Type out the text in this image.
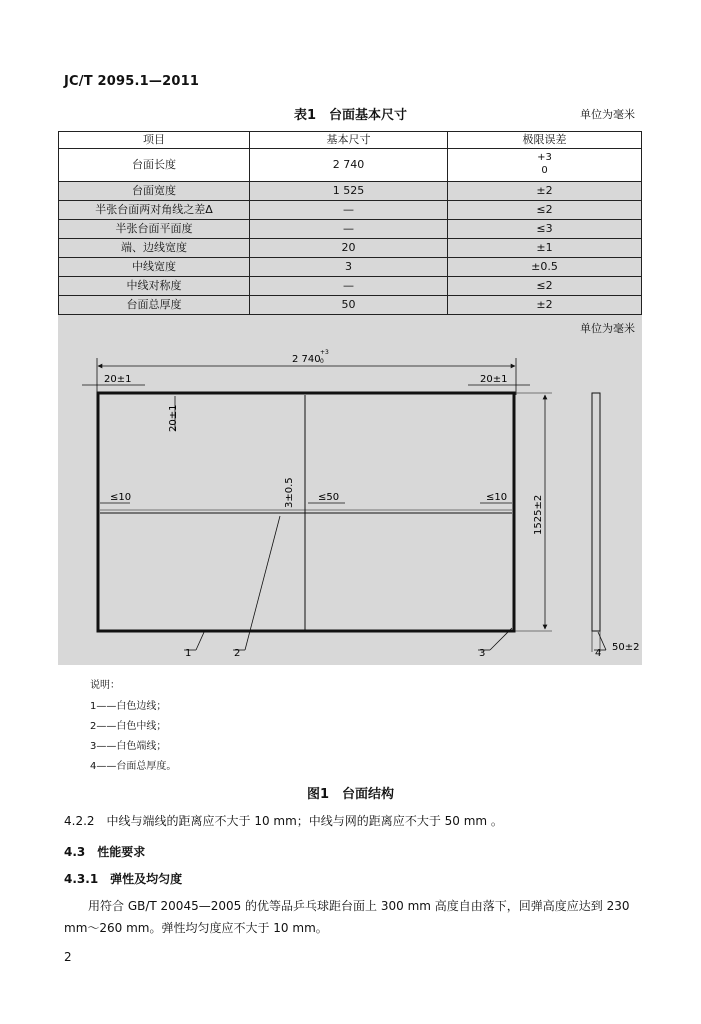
JC/T 2095.1—2011
表1　台面基本尺寸	单位为毫米
项目	基本尺寸	极限误差
台面长度	2 740	+3
0
台面宽度	1 525	±2
半张台面两对角线之差Δ	—	≤2
半张台面平面度	—	≤3
端、边线宽度	20	±1
中线宽度	3	±0.5
中线对称度	—	≤2
台面总厚度	50	±2
单位为毫米
2 740
+3
0
20±1	20±1
20±1
3±0.5
≤10	≤50	≤10	1525±2
50±2
1	2	3	4
说明：
1——白色边线；
2——白色中线；
3——白色端线；
4——台面总厚度。
图1　台面结构
4.2.2　中线与端线的距离应不大于 10 mm；中线与网的距离应不大于 50 mm 。
4.3　性能要求
4.3.1　弹性及均匀度
用符合 GB/T 20045—2005 的优等品乒乓球距台面上 300 mm 高度自由落下，回弹高度应达到 230 mm～260 mm。弹性均匀度应不大于 10 mm。
2
